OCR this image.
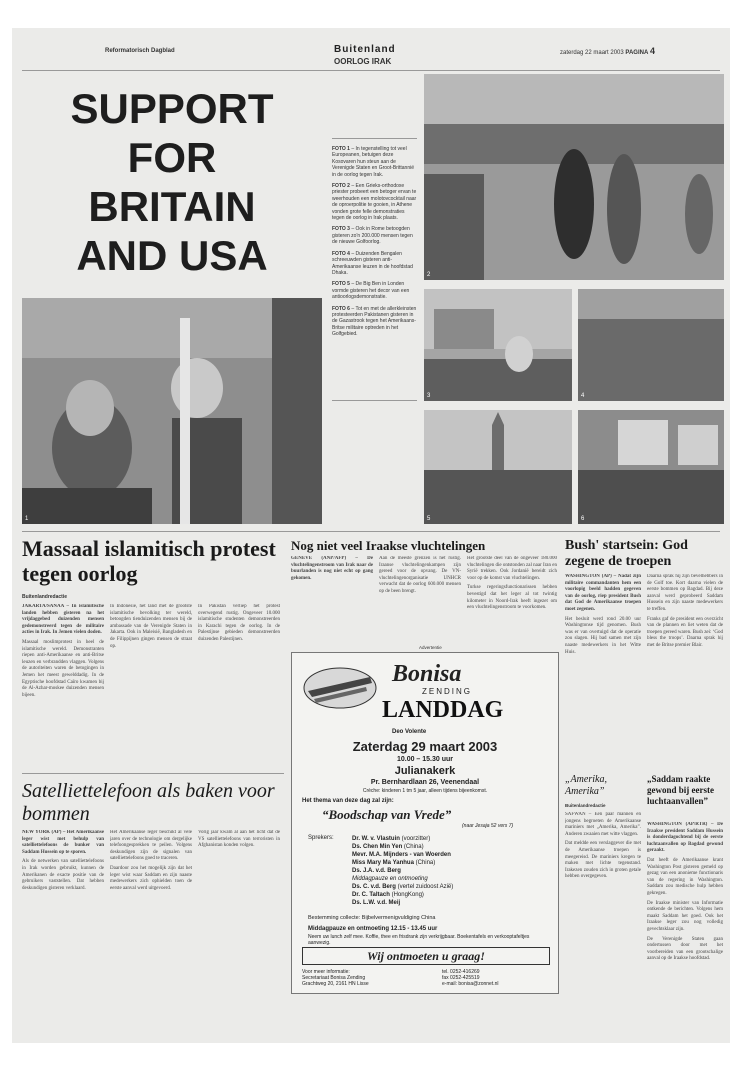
Reformatorisch Dagblad	Buitenland
OORLOG IRAK
zaterdag 22 maart 2003 PAGINA 4
SUPPORT FOR
BRITAIN
AND USA
1

FOTO 1 – In tegenstelling tot veel Europeanen, betuigen deze Kosovaren hun steun aan de Verenigde Staten en Groot-Brittannië in de oorlog tegen Irak.

FOTO 2 – Een Grieks-orthodoxe priester probeert een betoger ervan te weerhouden een molotovcocktail naar de oproerpolitie te gooien, in Athene vonden grote felle demonstraties tegen de oorlog in Irak plaats.

FOTO 3 – Ook in Rome betoogden gisteren zo'n 200.000 mensen tegen de nieuwe Golfoorlog.

FOTO 4 – Duizenden Bengalen schreeuwden gisteren anti-Amerikaanse leuzen in de hoofdstad Dhaka.

FOTO 5 – De Big Ben in Londen vormde gisteren het decor van een antioorlogsdemonstratie.

FOTO 6 – Tot en met de allerkleinsten protesteerden Pakistanen gisteren in de Gazastrook tegen het Amerikaans-Britse militaire optreden in het Golfgebied.

2
3	4
5	6
Massaal islamitisch protest tegen oorlog
Buitenlandredactie

JAKARTA/SANAA – In islamitische landen hebben gisteren na het vrijdaggebed duizenden mensen gedemonstreerd tegen de militaire acties in Irak. In Jemen vielen doden.

Massaal moslimprotest in heel de islamitische wereld. Demonstranten riepen anti-Amerikaanse en anti-Britse leuzen en verbrandden vlaggen. Volgens de autoriteiten waren de betogingen in Jemen het meest gewelddadig. In de Egyptische hoofdstad Caïro kwamen bij de Al-Azhar-moskee duizenden mensen bijeen.

In Indonesië, het land met de grootste islamitische bevolking ter wereld, betoogden tienduizenden mensen bij de ambassade van de Verenigde Staten in Jakarta. Ook in Maleisië, Bangladesh en de Filippijnen gingen mensen de straat op.

In Pakistan verliep het protest overwegend rustig. Ongeveer 10.000 islamitische studenten demonstreerden in Karachi tegen de oorlog. In de Palestijnse gebieden demonstreerden duizenden Palestijnen.

Nog niet veel Iraakse vluchtelingen

GENÈVE (ANP/AFP) – De vluchtelingenstroom van Irak naar de buurlanden is nog niet echt op gang gekomen.

Aan de meeste grenzen is het rustig. Iraanse vluchtelingenkampen zijn gereed voor de opvang. De VN-vluchtelingenorganisatie UNHCR verwacht dat de oorlog 600.000 mensen op de been brengt.

Het grootste deel van de ongeveer 180.000 vluchtelingen die ontstonden zal naar Iran en Syrië trekken. Ook Jordanië bereidt zich voor op de komst van vluchtelingen.

Turkse regeringsfunctionarissen hebben bevestigd dat het leger al tot twintig kilometer in Noord-Irak heeft ingezet om een vluchtelingenstroom te voorkomen.

Bush' startsein: God zegene de troepen

WASHINGTON (AP) – Nadat zijn militaire commandanten hem een voorlopig beeld hadden gegeven van de oorlog, riep president Bush dat God de Amerikaanse troepen moet zegenen.

Het besluit werd rond 20.00 uur Washingtonse tijd genomen. Bush was er van overtuigd dat de operatie zou slagen. Hij bad samen met zijn naaste medewerkers in het Witte Huis.

Daarna sprak hij zijn bevelhebbers in de Golf toe. Kort daarna vielen de eerste bommen op Bagdad. Bij deze aanval werd geprobeerd Saddam Hussein en zijn naaste medewerkers te treffen.

Franks gaf de president een overzicht van de plannen en liet weten dat de troepen gereed waren. Bush zei: ‘God bless the troops’. Daarna sprak hij met de Britse premier Blair.

Advertentie
Bonisa
ZENDING
LANDDAG
Deo Volente
Zaterdag 29 maart 2003
10.00 – 15.30 uur
Julianakerk
Pr. Bernhardlaan 26, Veenendaal
Crèche: kinderen 1 tm 5 jaar, alleen tijdens bijeenkomst.
Het thema van deze dag zal zijn:
“Boodschap van Vrede”
(naar Jesaja 52 vers 7)
Sprekers:	Dr. W. v. Vlastuin (voorzitter)
Ds. Chen Min Yen (China)
Mevr. M.A. Mijnders - van Woerden
Miss Mary Ma Yanhua (China)
Ds. J.A. v.d. Berg
Middagpauze en ontmoeting
Ds. C. v.d. Berg (vertel zuidoost Azië)
Dr. C. Taltach (HongKong)
Ds. L.W. v.d. Meij
Bestemming collecte: Bijbelvermenigvuldiging China
Middagpauze en ontmoeting 12.15 - 13.45 uur
Neem uw lunch zelf mee. Koffie, thee en frisdrank zijn verkrijgbaar. Boekentafels en verkooptafeltjes aanwezig.
Wij ontmoeten u graag!
Voor meer informatie:
Secretariaat Bonisa Zending
Grachtweg 20, 2161 HN Lisse
tel. 0252-416269
fax 0252-425519
e-mail: bonisa@zonnet.nl
Satelliettelefoon als baken voor bommen

NEW YORK (AP) – Het Amerikaanse leger wist met behulp van satelliettelefoons de bunker van Saddam Hussein op te sporen.

Als de netwerken van satelliettelefoons in Irak worden gebruikt, kunnen de Amerikanen de exacte positie van de gebruikers vaststellen. Dat hebben deskundigen gisteren verklaard.

Het Amerikaanse leger beschikt al vele jaren over de technologie om dergelijke telefoongesprekken te peilen. Volgens deskundigen zijn de signalen van satelliettelefoons goed te traceren.

Daardoor zou het mogelijk zijn dat het leger wist waar Saddam en zijn naaste medewerkers zich ophielden toen de eerste aanval werd uitgevoerd.

Vorig jaar kwam al aan het licht dat de VS satelliettelefoons van terroristen in Afghanistan konden volgen.

„Amerika, Amerika”
Buitenlandredactie

SAFWAN – Een paar mannen en jongens begroeten de Amerikaanse mariniers met „Amerika, Amerika”. Anderen zwaaien met witte vlaggen.

Dat meldde een verslaggever die met de Amerikaanse troepen is meegereisd. De mariniers kregen te maken met lichte tegenstand. Irakezen zouden zich in groten getale hebben overgegeven.

„Saddam raakte gewond bij eerste luchtaanvallen”

WASHINGTON (AP/RTR) – De Iraakse president Saddam Hussein is donderdagochtend bij de eerste luchtaanvallen op Bagdad gewond geraakt.

Dat heeft de Amerikaanse krant Washington Post gisteren gemeld op gezag van een anonieme functionaris van de regering in Washington. Saddam zou medische hulp hebben gekregen.

De Iraakse minister van Informatie ontkende de berichten. Volgens hem maakt Saddam het goed. Ook het Iraakse leger zou nog volledig gevechtsklaar zijn.

De Verenigde Staten gaan ondertussen door met het voorbereiden van een grootschalige aanval op de Iraakse hoofdstad.
